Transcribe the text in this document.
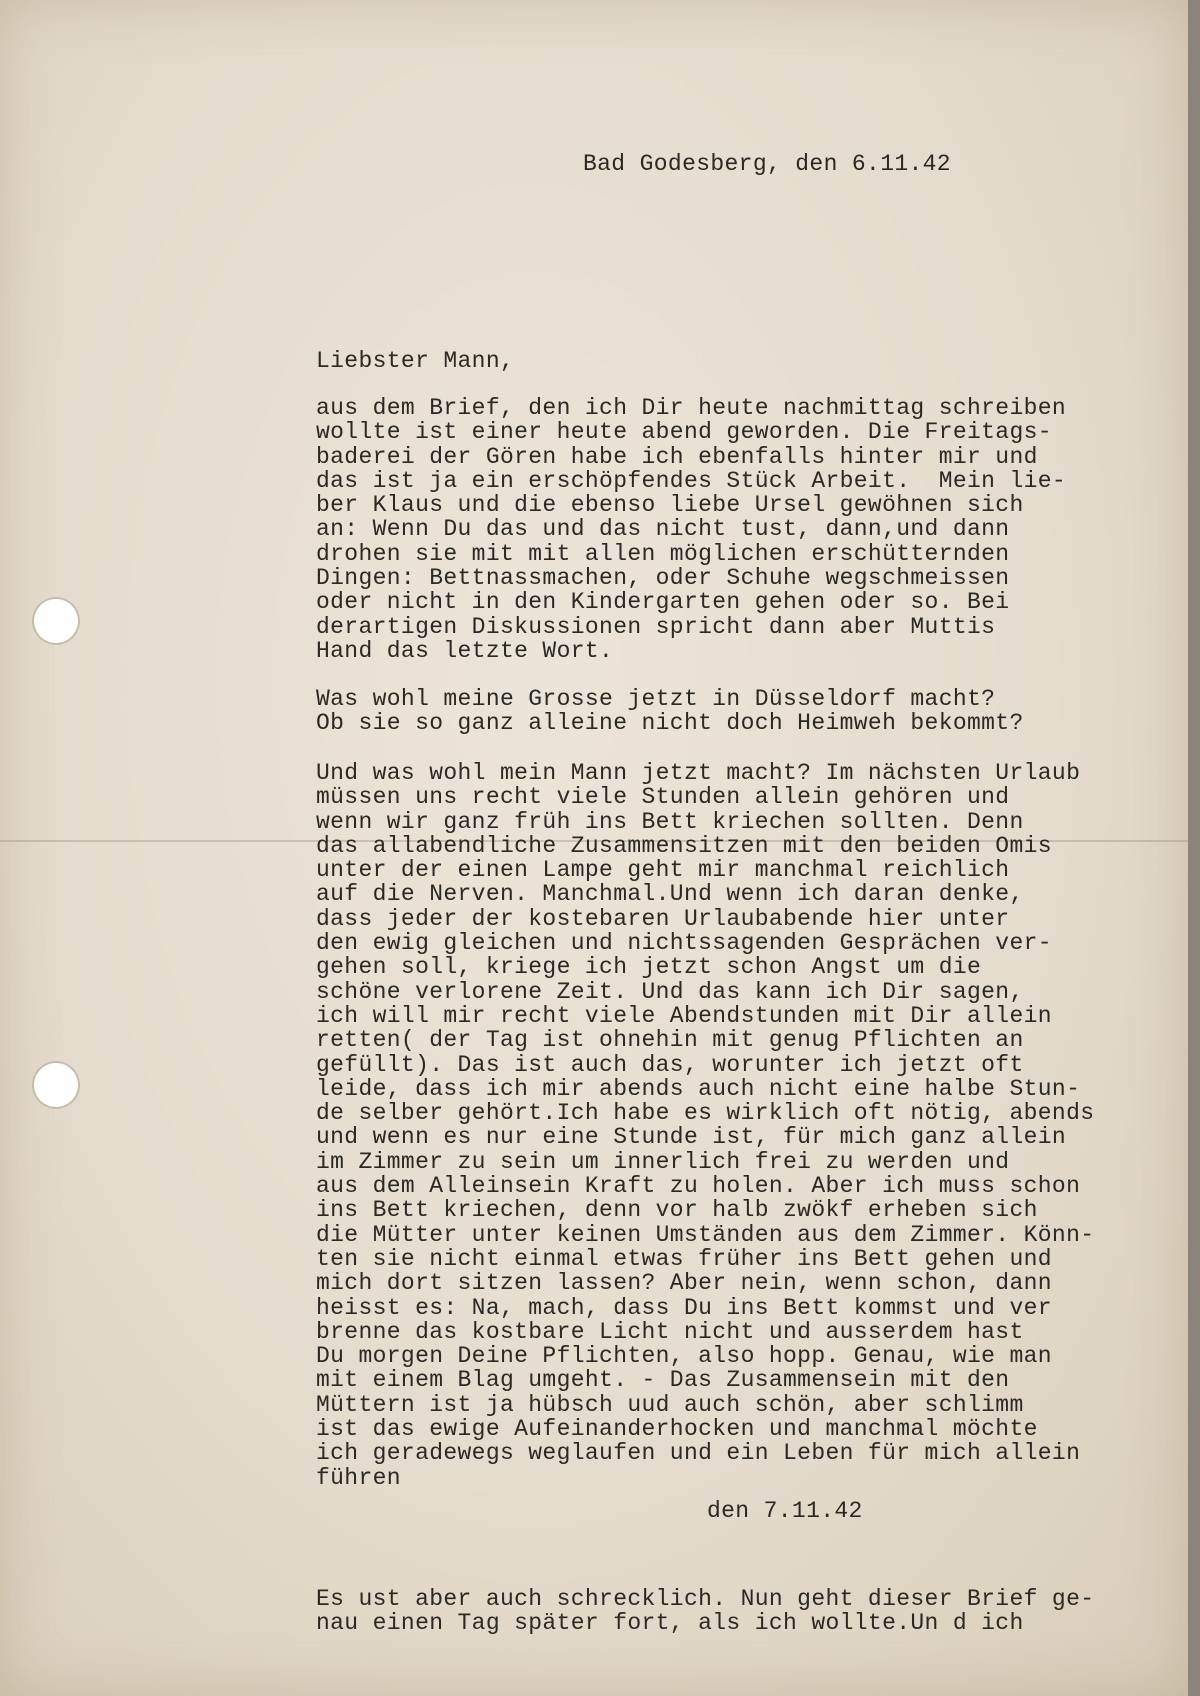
Bad Godesberg, den 6.11.42

Liebster Mann,

aus dem Brief, den ich Dir heute nachmittag schreiben
wollte ist einer heute abend geworden. Die Freitags-
baderei der Gören habe ich ebenfalls hinter mir und
das ist ja ein erschöpfendes Stück Arbeit.  Mein lie-
ber Klaus und die ebenso liebe Ursel gewöhnen sich
an: Wenn Du das und das nicht tust, dann,und dann
drohen sie mit mit allen möglichen erschütternden
Dingen: Bettnassmachen, oder Schuhe wegschmeissen
oder nicht in den Kindergarten gehen oder so. Bei
derartigen Diskussionen spricht dann aber Muttis
Hand das letzte Wort.

Was wohl meine Grosse jetzt in Düsseldorf macht?
Ob sie so ganz alleine nicht doch Heimweh bekommt?

Und was wohl mein Mann jetzt macht? Im nächsten Urlaub
müssen uns recht viele Stunden allein gehören und
wenn wir ganz früh ins Bett kriechen sollten. Denn
das allabendliche Zusammensitzen mit den beiden Omis
unter der einen Lampe geht mir manchmal reichlich
auf die Nerven. Manchmal.Und wenn ich daran denke,
dass jeder der kostebaren Urlaubabende hier unter
den ewig gleichen und nichtssagenden Gesprächen ver-
gehen soll, kriege ich jetzt schon Angst um die
schöne verlorene Zeit. Und das kann ich Dir sagen,
ich will mir recht viele Abendstunden mit Dir allein
retten( der Tag ist ohnehin mit genug Pflichten an
gefüllt). Das ist auch das, worunter ich jetzt oft
leide, dass ich mir abends auch nicht eine halbe Stun-
de selber gehört.Ich habe es wirklich oft nötig, abends
und wenn es nur eine Stunde ist, für mich ganz allein
im Zimmer zu sein um innerlich frei zu werden und
aus dem Alleinsein Kraft zu holen. Aber ich muss schon
ins Bett kriechen, denn vor halb zwökf erheben sich
die Mütter unter keinen Umständen aus dem Zimmer. Könn-
ten sie nicht einmal etwas früher ins Bett gehen und
mich dort sitzen lassen? Aber nein, wenn schon, dann
heisst es: Na, mach, dass Du ins Bett kommst und ver
brenne das kostbare Licht nicht und ausserdem hast
Du morgen Deine Pflichten, also hopp. Genau, wie man
mit einem Blag umgeht. - Das Zusammensein mit den
Müttern ist ja hübsch uud auch schön, aber schlimm
ist das ewige Aufeinanderhocken und manchmal möchte
ich geradewegs weglaufen und ein Leben für mich allein
führen

den 7.11.42

Es ust aber auch schrecklich. Nun geht dieser Brief ge-
nau einen Tag später fort, als ich wollte.Un d ich
